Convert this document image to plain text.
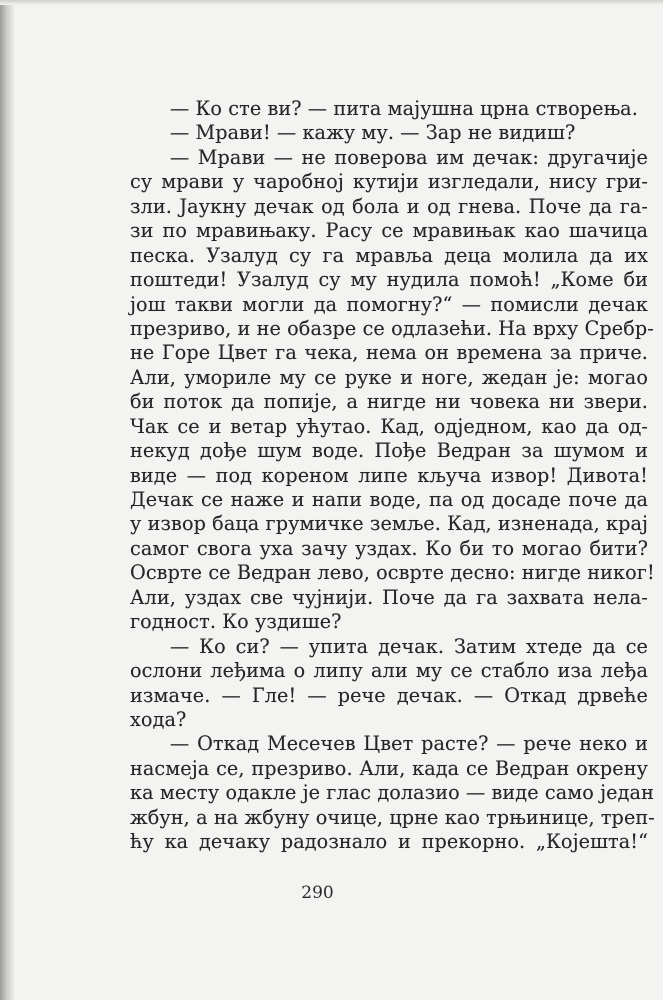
— Ко сте ви? — пита мајушна црна створења.
— Мрави! — кажу му. — Зар не видиш?
— Мрави — не поверова им дечак: другачије
су мрави у чаробној кутији изгледали, нису гри-
зли. Јаукну дечак од бола и од гнева. Поче да га-
зи по мравињаку. Расу се мравињак као шачица
песка. Узалуд су га мрављa деца молила да их
поштеди! Узалуд су му нудила помоћ! „Коме би
још такви могли да помогну?“ — помисли дечак
презриво, и не обазре се одлазећи. На врху Сребр-
не Горе Цвет га чека, нема он времена за приче.
Али, уморилe му се руке и ноге, жедан је: могао
би поток да попије, а нигде ни човека ни звери.
Чак се и ветар ућутао. Кад, одједном, као да од-
некуд дође шум воде. Пође Ведран за шумом и
виде — под кореном липе кључа извор! Дивота!
Дечак се наже и напи воде, па од досаде поче да
у извор баца грумичке земље. Кад, изненада, крај
самог свога уха зачу уздах. Ко би то могао бити?
Осврте се Ведран лево, осврте десно: нигде никог!
Али, уздах све чујнији. Поче да га захвата нела-
годност. Ко уздише?
— Ко си? — упита дечак. Затим хтеде да се
ослони леђима о липу али му се стабло иза леђа
измаче. — Гле! — рече дечак. — Откад дрвеће
хода?
— Откад Месечев Цвет расте? — рече неко и
насмеја се, презриво. Али, када се Ведран окрену
ка месту одакле је глас долазио — виде само један
жбун, а на жбуну очице, црне као трњинице, треп-
ћу ка дечаку радознало и прекорно. „Којешта!“
290
